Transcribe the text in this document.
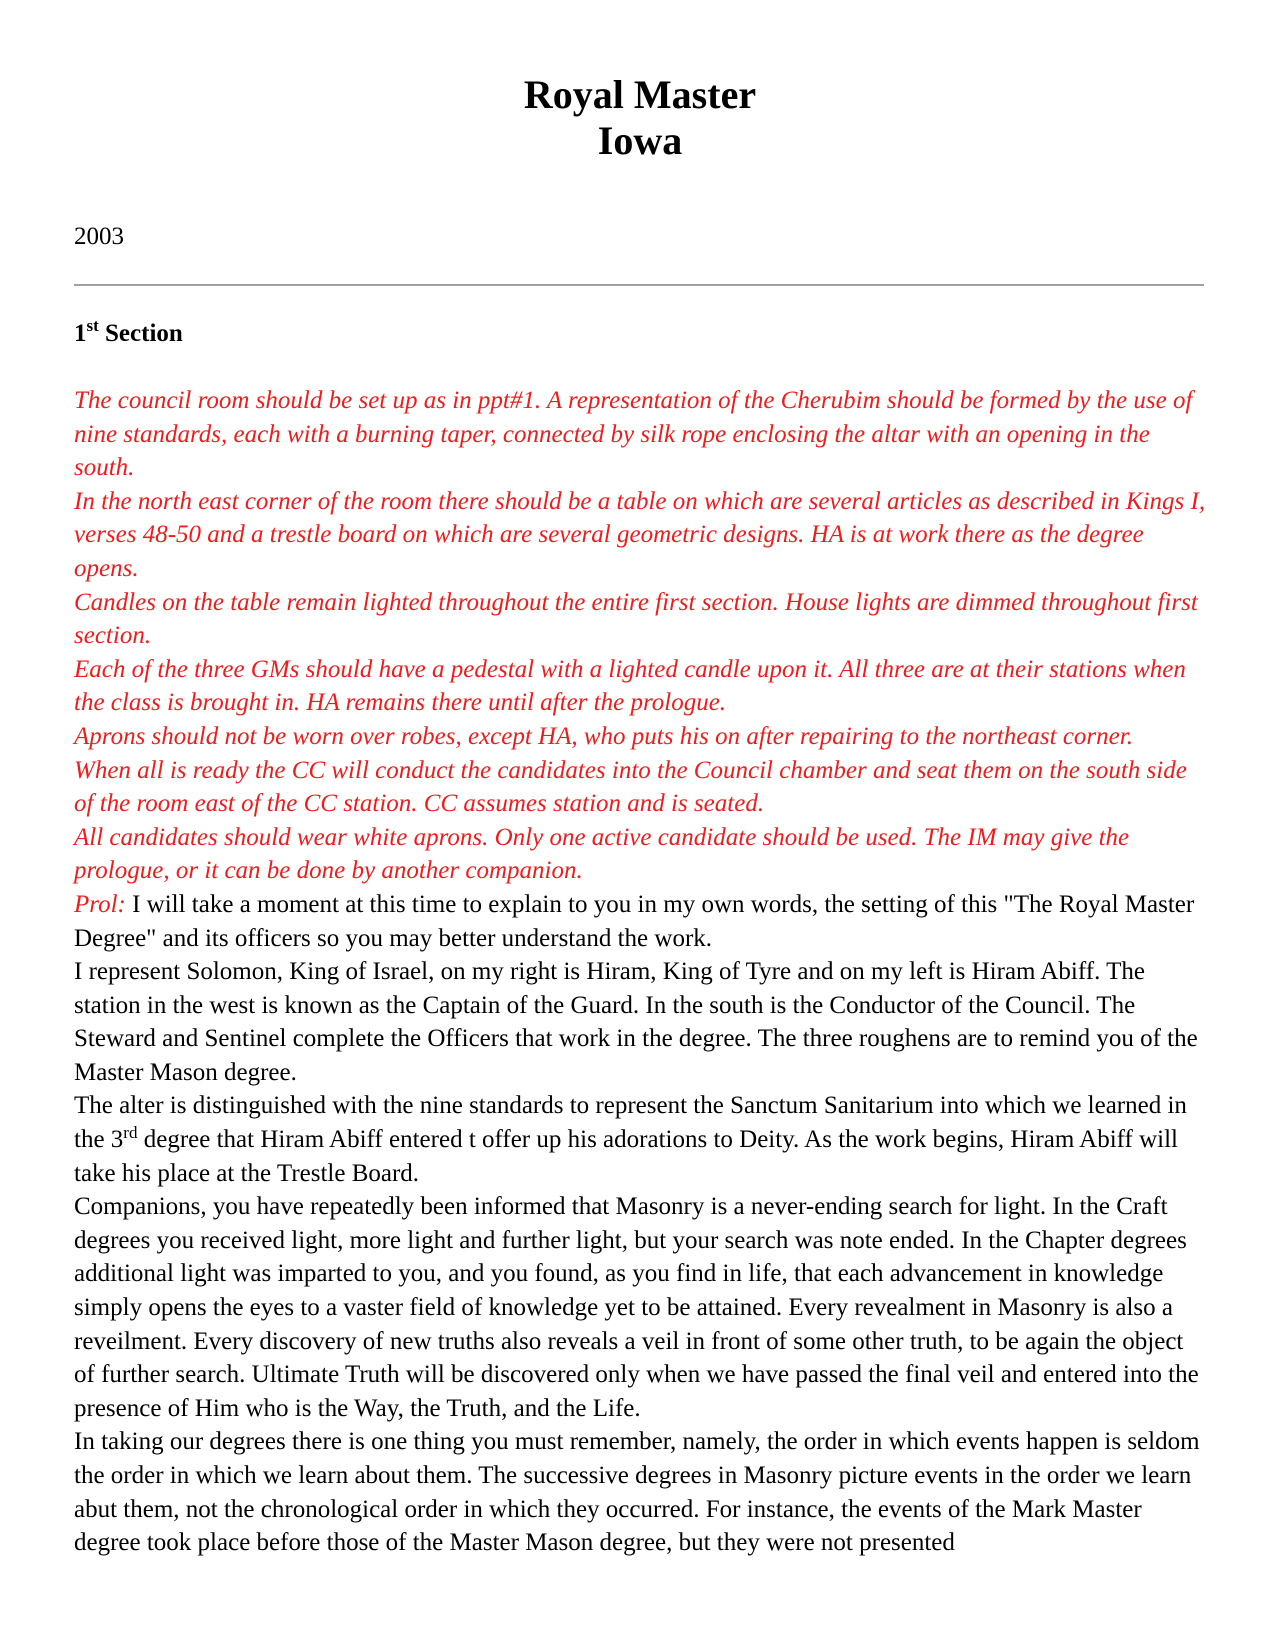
Royal Master
Iowa

2003

1st Section

The council room should be set up as in ppt#1. A representation of the Cherubim should be formed by the use of nine standards, each with a burning taper, connected by silk rope enclosing the altar with an opening in the south.

In the north east corner of the room there should be a table on which are several articles as described in Kings I, verses 48-50 and a trestle board on which are several geometric designs. HA is at work there as the degree opens.

Candles on the table remain lighted throughout the entire first section. House lights are dimmed throughout first section.

Each of the three GMs should have a pedestal with a lighted candle upon it. All three are at their stations when the class is brought in. HA remains there until after the prologue.

Aprons should not be worn over robes, except HA, who puts his on after repairing to the northeast corner.

When all is ready the CC will conduct the candidates into the Council chamber and seat them on the south side of the room east of the CC station. CC assumes station and is seated.

All candidates should wear white aprons. Only one active candidate should be used. The IM may give the prologue, or it can be done by another companion.

Prol: I will take a moment at this time to explain to you in my own words, the setting of this "The Royal Master Degree" and its officers so you may better understand the work.

I represent Solomon, King of Israel, on my right is Hiram, King of Tyre and on my left is Hiram Abiff. The station in the west is known as the Captain of the Guard. In the south is the Conductor of the Council. The Steward and Sentinel complete the Officers that work in the degree. The three roughens are to remind you of the Master Mason degree.

The alter is distinguished with the nine standards to represent the Sanctum Sanitarium into which we learned in the 3rd degree that Hiram Abiff entered t offer up his adorations to Deity. As the work begins, Hiram Abiff will take his place at the Trestle Board.

Companions, you have repeatedly been informed that Masonry is a never-ending search for light. In the Craft degrees you received light, more light and further light, but your search was note ended. In the Chapter degrees additional light was imparted to you, and you found, as you find in life, that each advancement in knowledge simply opens the eyes to a vaster field of knowledge yet to be attained. Every revealment in Masonry is also a reveilment. Every discovery of new truths also reveals a veil in front of some other truth, to be again the object of further search. Ultimate Truth will be discovered only when we have passed the final veil and entered into the presence of Him who is the Way, the Truth, and the Life.

In taking our degrees there is one thing you must remember, namely, the order in which events happen is seldom the order in which we learn about them. The successive degrees in Masonry picture events in the order we learn abut them, not the chronological order in which they occurred. For instance, the events of the Mark Master degree took place before those of the Master Mason degree, but they were not presented
